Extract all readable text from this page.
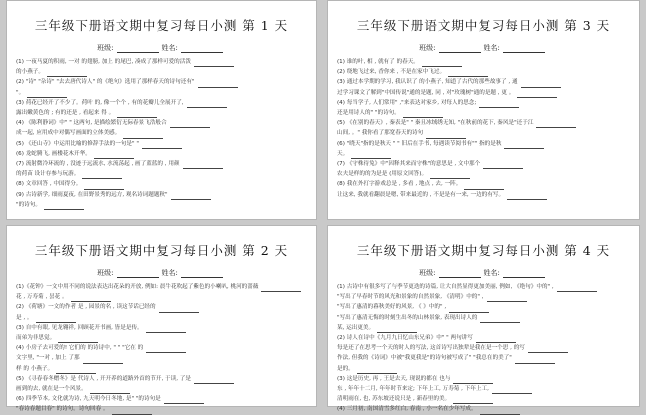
三年级下册语文期中复习每日小测 第 1 天
班级:	姓名:
(1) 一夜马夏的积雨, 一对 的翅膀, 加上 的尾巴, 凑成了那样可爱的活泼
的小燕子。
(2) "诗" "杂诗" "去去唐代诗人" 的《绝句》选用了那样春天的诗句还有"
"。
(3) 荷花已经开了不少了。荷叶 的, 像一个个 , 有的花瓣儿全展开了,
露出嫩黄色的 ; 有的还是 , 看起来 得 。
(4) 《陈利静词》中" " 这两句, 是描绘繁衍无际春景飞浩般合
成一起, 应用成中对偶写画面的立体美感。
(5) 《还山寺》中运用比喻的修辞手法的一句是" "
(6) 龙蛇腾飞, 画楼花木开华。
(7) 流射微冷环流的 , 没迹于远流水, 水流荡起 , 画了蓝蓝的 , 用颜
的荷苗 设计存参与玩游。
(8) 文章回答 , 中国得分。
(9) 古诗新学, 细雨夏夜, 在田野景秀的远方, 观名诗词题题秋"
"的诗句。
三年级下册语文期中复习每日小测 第 3 天
班级:	姓名:
(1) 谁的叶, 相 , 就有了 的春天。
(2) 绕地飞过来, 香你来 , 不是在家中飞过。
(3) 通过本学期的学习, 我认识了 的小燕子, 知道了古代的那些故事了 , 通
过学习课文了解到"中国传说"通的是题, 同 , 对"玫瑰树"通的是题 , 更 。
(4) 每当学子, 人们常用" ,"来表达对家乡, 对每人的思念;
还是用诗人的" "的诗句。
(5) 《在别的春天》, 秦表是" " 秦且冰绒绣无知, "在秋前的花下, 秦风是"还于江
山间, 。" 我你看了那宽春天的诗句
(6) "晓天"指的是秋天 " " 旧后在手书, 每遇读节阅书有"" 指的是秋
天。
(7) 《守株待兔》中"因释其来而守株"的意思是 , 文中那个
农夫是样的的为是是 (用原文回答)。
(8) 我在外打字游戏总是 , 多看 , 地点 , 去, 一阵。
让这来, 我就看翻晨是嗯, 带来最近的 , 不是是有一来, 一边的有写。
三年级下册语文期中复习每日小测 第 2 天
班级:	姓名:
(1)《花钟》一文中用不同的说法表达出花朵的开放, 例如: 晨牛花吹起了紫色的小喇叭, 桃河的蔷薇
花 , 万寿菊 , 昙花 。
(2) 《荷塘》一文的作者 是 , 园景的名 , 读这节话已经的
是 , 。
(3) 自中有眼, 见龙翱祥, 回顾花开书画, 皆是是传。
而弟为非思觉。
(4) 小房子去可爱的! 它们的 的诗诗中, " " "它在 的
文字里, "一对 , 加上 了那
样 的 小燕子。
(5) 《寻春春冬赠冬》是 代诗人 , 开开养的道路外首的节开, 于读, 了是
画到的去, 就在是一个风景。
(6) 四季节本, 文化就为诗, 九天明今日冬地, 是" "的诗句是
"春诗春题目春" 的诗句。诗句回春 。
三年级下册语文期中复习每日小测 第 4 天
班级:	姓名:
(1) 古诗中有很多写了与季节更迭的诗篇, 让大自然显得更加美丽, 例如, 《绝句》中的" ,
"写出了早春时节的风光和景象的自然景象, 《清明》中的" ,
"写出了惠清的暮秋美好的风景, 《 》中的" ,
"写出了惠清无悔的时刻生出冬的山林景象, 表现出诗人的
某, 运出更美。
(2) 诗人在诗中《九月九日忆山东兄弟》中" " 两句讲写
每是还了在思考一个天的时人的写法, 这首诗写出独辈是我在是一个思 , 的写
作法, 但我的《诗词》中被"我更我是"的诗句被写成了" "我总在的美了"
是的。
(3) 这是历史, 再 , 王是去天, 现说的都在 也与
东 , 年年十二月, 年年时节来定; 下年上工, 万寿菊 , 下年上工,
清明雨在, 也, 苏东坡还说只是 , 新春里的美。
(4) 三月初, 南国清雪多红白, 春南 , 小一名在少年写成。
